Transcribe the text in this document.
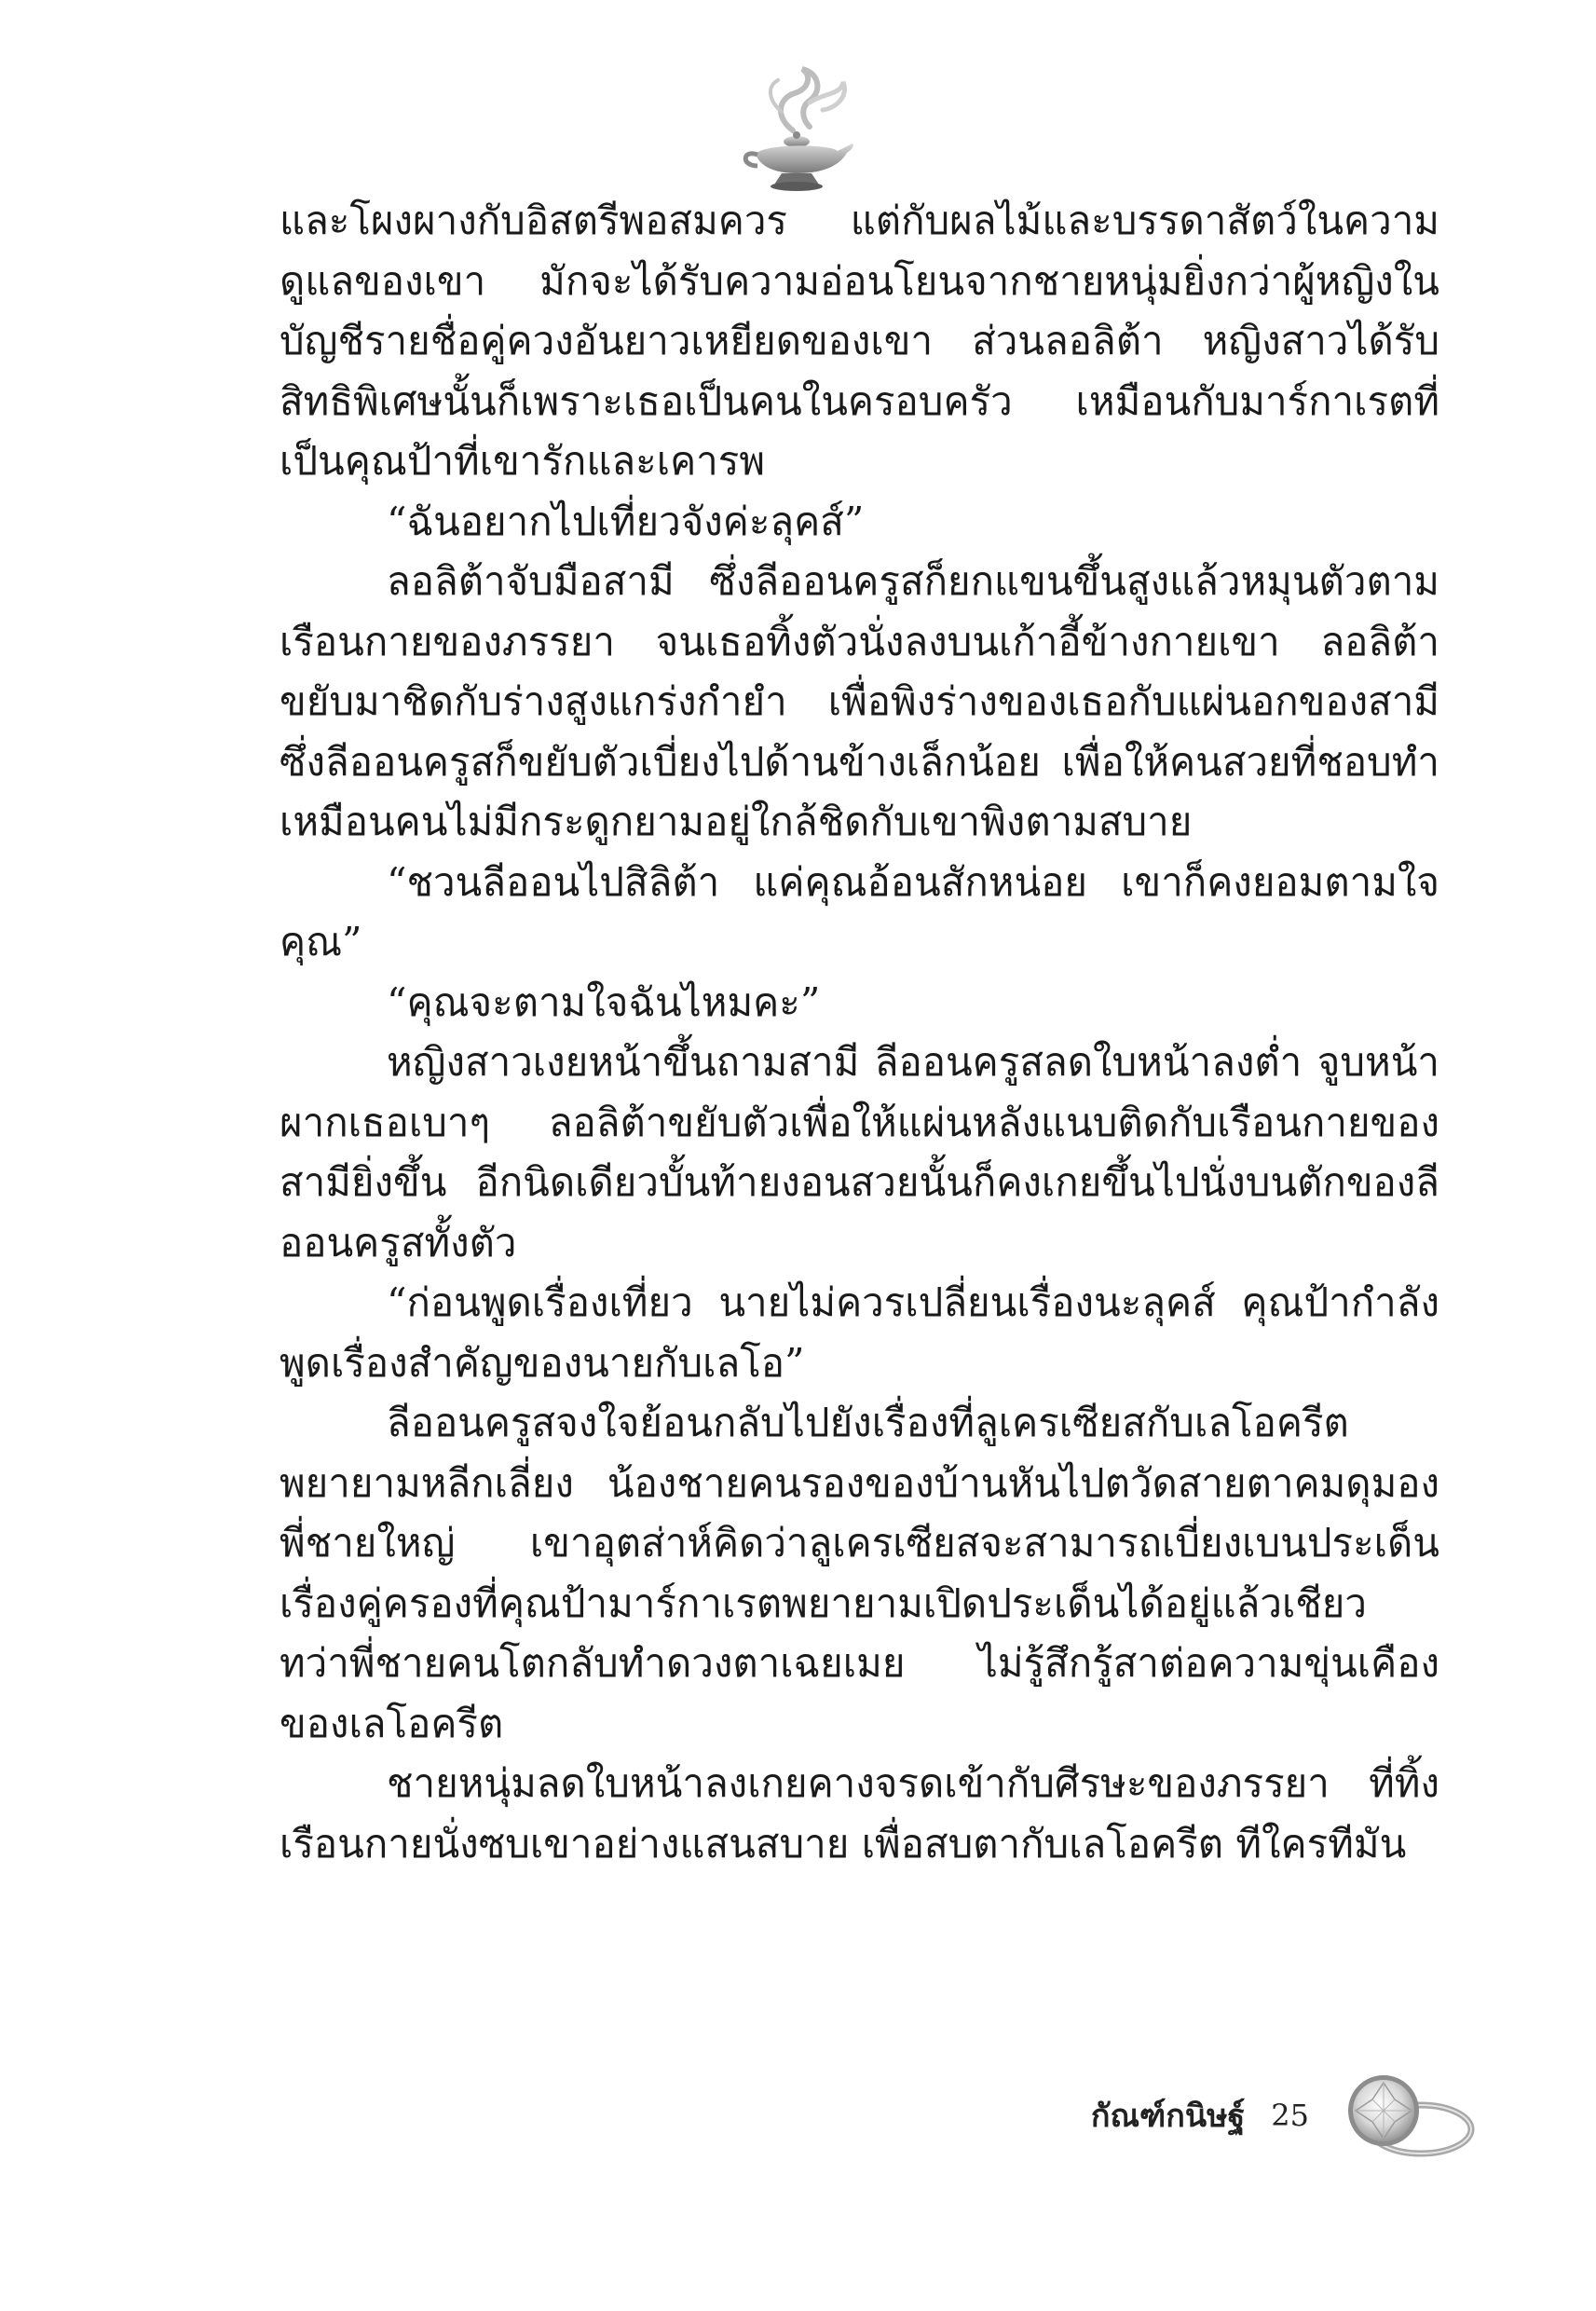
และโผงผางกับอิสตรีพอสมควร แต่กับผลไม้และบรรดาสัตว์ในความดูแลของเขา มักจะได้รับความอ่อนโยนจากชายหนุ่มยิ่งกว่าผู้หญิงในบัญชีรายชื่อคู่ควงอันยาวเหยียดของเขา ส่วนลอลิต้า หญิงสาวได้รับสิทธิพิเศษนั้นก็เพราะเธอเป็นคนในครอบครัว เหมือนกับมาร์กาเรตที่เป็นคุณป้าที่เขารักและเคารพ

“ฉันอยากไปเที่ยวจังค่ะลุคส์”

ลอลิต้าจับมือสามี ซึ่งลีออนครูสก็ยกแขนขึ้นสูงแล้วหมุนตัวตามเรือนกายของภรรยา จนเธอทิ้งตัวนั่งลงบนเก้าอี้ข้างกายเขา ลอลิต้าขยับมาชิดกับร่างสูงแกร่งกำยำ เพื่อพิงร่างของเธอกับแผ่นอกของสามี ซึ่งลีออนครูสก็ขยับตัวเบี่ยงไปด้านข้างเล็กน้อย เพื่อให้คนสวยที่ชอบทำเหมือนคนไม่มีกระดูกยามอยู่ใกล้ชิดกับเขาพิงตามสบาย

“ชวนลีออนไปสิลิต้า แค่คุณอ้อนสักหน่อย เขาก็คงยอมตามใจคุณ”

“คุณจะตามใจฉันไหมคะ”

หญิงสาวเงยหน้าขึ้นถามสามี ลีออนครูสลดใบหน้าลงต่ำ จูบหน้าผากเธอเบาๆ ลอลิต้าขยับตัวเพื่อให้แผ่นหลังแนบติดกับเรือนกายของสามียิ่งขึ้น อีกนิดเดียวบั้นท้ายงอนสวยนั้นก็คงเกยขึ้นไปนั่งบนตักของลีออนครูสทั้งตัว

“ก่อนพูดเรื่องเที่ยว นายไม่ควรเปลี่ยนเรื่องนะลุคส์ คุณป้ากำลังพูดเรื่องสำคัญของนายกับเลโอ”

ลีออนครูสจงใจย้อนกลับไปยังเรื่องที่ลูเครเซียสกับเลโอครีตพยายามหลีกเลี่ยง น้องชายคนรองของบ้านหันไปตวัดสายตาคมดุมองพี่ชายใหญ่ เขาอุตส่าห์คิดว่าลูเครเซียสจะสามารถเบี่ยงเบนประเด็นเรื่องคู่ครองที่คุณป้ามาร์กาเรตพยายามเปิดประเด็นได้อยู่แล้วเชียว ทว่าพี่ชายคนโตกลับทำดวงตาเฉยเมย ไม่รู้สึกรู้สาต่อความขุ่นเคืองของเลโอครีต

ชายหนุ่มลดใบหน้าลงเกยคางจรดเข้ากับศีรษะของภรรยา ที่ทิ้งเรือนกายนั่งซบเขาอย่างแสนสบาย เพื่อสบตากับเลโอครีต ทีใครทีมัน

กัณฑ์กนิษฐ์ 25
